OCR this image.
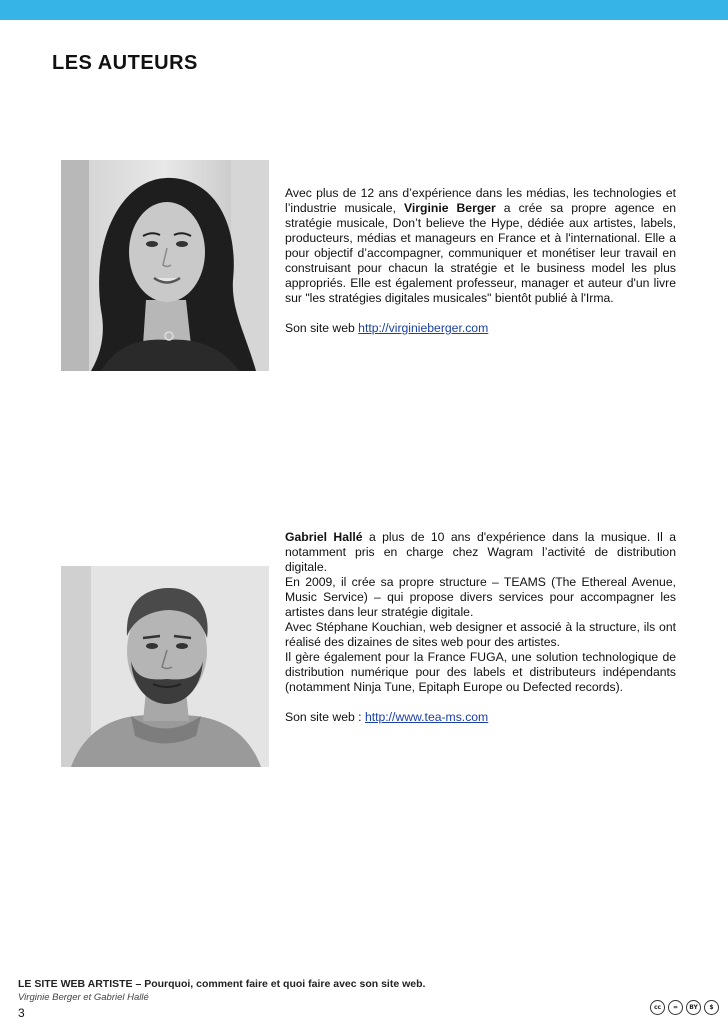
LES AUTEURS

Avec plus de 12 ans d’expérience dans les médias, les technologies et l’industrie musicale, Virginie Berger a crée sa propre agence en stratégie musicale, Don’t believe the Hype, dédiée aux artistes, labels, producteurs, médias et manageurs en France et à l'international. Elle a pour objectif d’accompagner, communiquer et monétiser leur travail en construisant pour chacun la stratégie et le business model les plus appropriés. Elle est également professeur, manager et auteur d'un livre sur "les stratégies digitales musicales" bientôt publié à l'Irma.

Son site web http://virginieberger.com

Gabriel Hallé a plus de 10 ans d'expérience dans la musique. Il a notamment pris en charge chez Wagram l’activité de distribution digitale.

En 2009, il crée sa propre structure – TEAMS (The Ethereal Avenue, Music Service) – qui propose divers services pour accompagner les artistes dans leur stratégie digitale.

Avec Stéphane Kouchian, web designer et associé à la structure, ils ont réalisé des dizaines de sites web pour des artistes.

Il gère également pour la France FUGA, une solution technologique de distribution numérique pour des labels et distributeurs indépendants (notamment Ninja Tune, Epitaph Europe ou Defected records).

Son site web : http://www.tea-ms.com

LE SITE WEB ARTISTE – Pourquoi, comment faire et quoi faire avec son site web.

Virginie Berger et Gabriel Hallé

3	cc	=	BY	$
